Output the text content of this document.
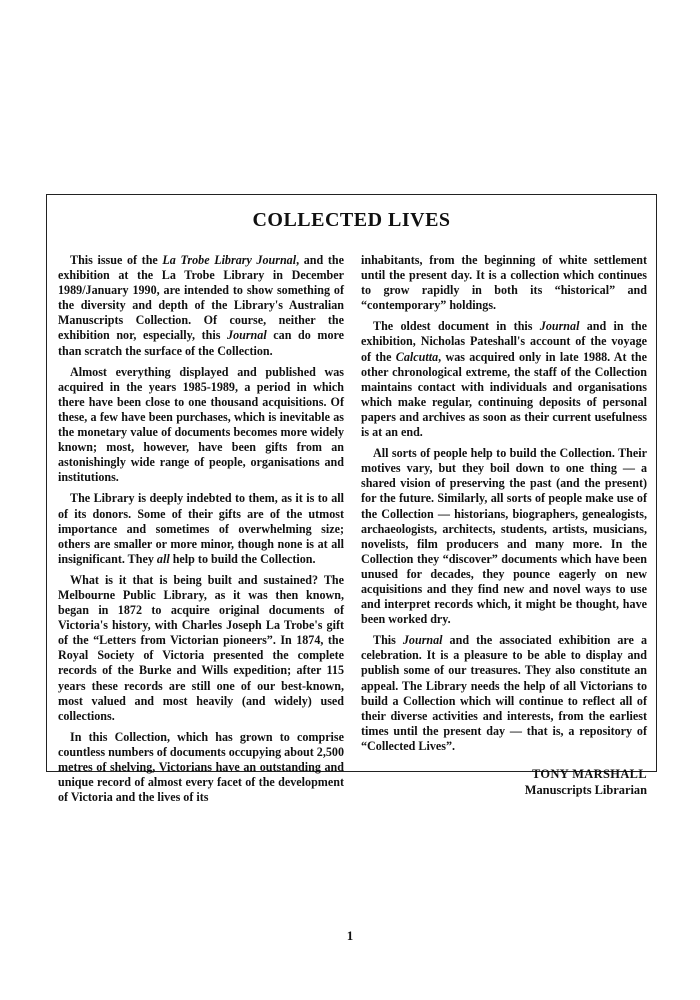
COLLECTED LIVES

This issue of the La Trobe Library Journal, and the exhibition at the La Trobe Library in December 1989/January 1990, are intended to show something of the diversity and depth of the Library's Australian Manuscripts Collection. Of course, neither the exhibition nor, especially, this Journal can do more than scratch the surface of the Collection.

Almost everything displayed and published was acquired in the years 1985-1989, a period in which there have been close to one thousand acquisitions. Of these, a few have been purchases, which is inevitable as the monetary value of documents becomes more widely known; most, however, have been gifts from an astonishingly wide range of people, organisations and institutions.

The Library is deeply indebted to them, as it is to all of its donors. Some of their gifts are of the utmost importance and sometimes of overwhelming size; others are smaller or more minor, though none is at all insignificant. They all help to build the Collection.

What is it that is being built and sustained? The Melbourne Public Library, as it was then known, began in 1872 to acquire original documents of Victoria's history, with Charles Joseph La Trobe's gift of the “Letters from Victorian pioneers”. In 1874, the Royal Society of Victoria presented the complete records of the Burke and Wills expedition; after 115 years these records are still one of our best-known, most valued and most heavily (and widely) used collections.

In this Collection, which has grown to comprise countless numbers of documents occupying about 2,500 metres of shelving, Victorians have an outstanding and unique record of almost every facet of the development of Victoria and the lives of its

inhabitants, from the beginning of white settlement until the present day. It is a collection which continues to grow rapidly in both its “historical” and “contemporary” holdings.

The oldest document in this Journal and in the exhibition, Nicholas Pateshall's account of the voyage of the Calcutta, was acquired only in late 1988. At the other chronological extreme, the staff of the Collection maintains contact with individuals and organisations which make regular, continuing deposits of personal papers and archives as soon as their current usefulness is at an end.

All sorts of people help to build the Collection. Their motives vary, but they boil down to one thing — a shared vision of preserving the past (and the present) for the future. Similarly, all sorts of people make use of the Collection — historians, biographers, genealogists, archaeologists, architects, students, artists, musicians, novelists, film producers and many more. In the Collection they “discover” documents which have been unused for decades, they pounce eagerly on new acquisitions and they find new and novel ways to use and interpret records which, it might be thought, have been worked dry.

This Journal and the associated exhibition are a celebration. It is a pleasure to be able to display and publish some of our treasures. They also constitute an appeal. The Library needs the help of all Victorians to build a Collection which will continue to reflect all of their diverse activities and interests, from the earliest times until the present day — that is, a repository of “Collected Lives”.

TONY MARSHALL
Manuscripts Librarian
1
